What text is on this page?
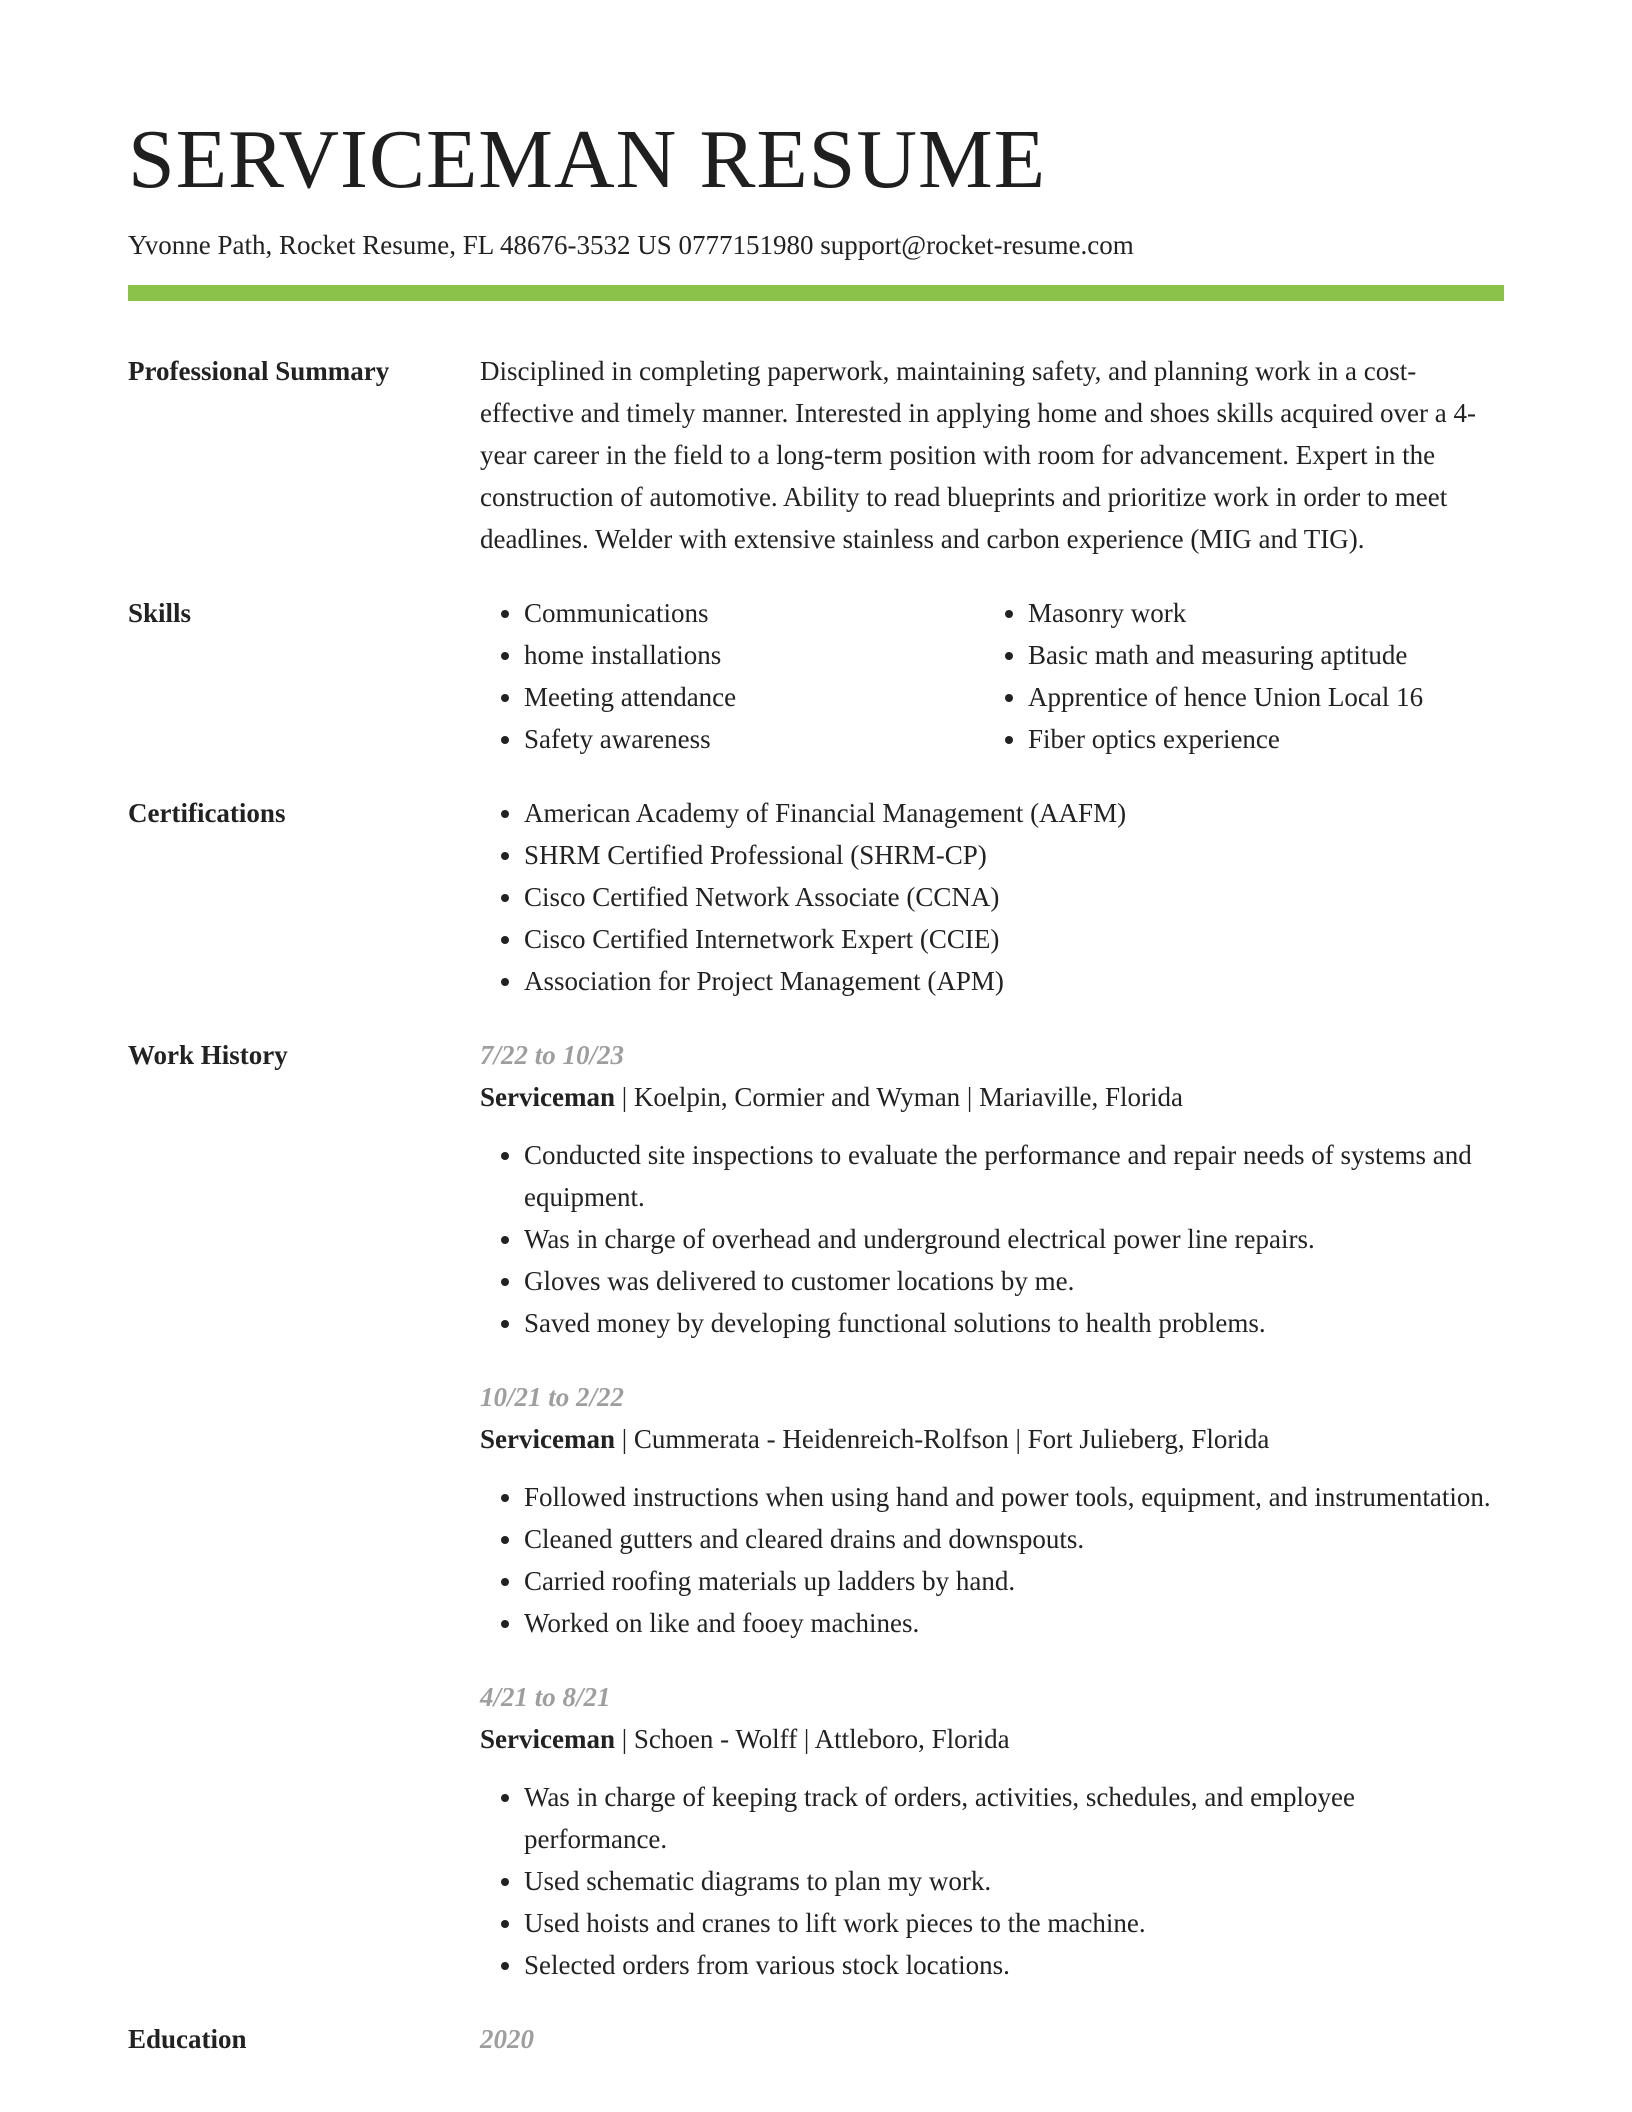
SERVICEMAN RESUME
Yvonne Path, Rocket Resume, FL 48676-3532 US 0777151980 support@rocket-resume.com
Professional Summary	Disciplined in completing paperwork, maintaining safety, and planning work in a cost-effective and timely manner. Interested in applying home and shoes skills acquired over a 4-year career in the field to a long-term position with room for advancement. Expert in the construction of automotive. Ability to read blueprints and prioritize work in order to meet deadlines. Welder with extensive stainless and carbon experience (MIG and TIG).

Skills	• Communications
• home installations
• Meeting attendance
• Safety awareness
• Masonry work
• Basic math and measuring aptitude
• Apprentice of hence Union Local 16
• Fiber optics experience
Certifications	• American Academy of Financial Management (AAFM)
• SHRM Certified Professional (SHRM-CP)
• Cisco Certified Network Associate (CCNA)
• Cisco Certified Internetwork Expert (CCIE)
• Association for Project Management (APM)
Work History	7/22 to 10/23
Serviceman | Koelpin, Cormier and Wyman | Mariaville, Florida
• Conducted site inspections to evaluate the performance and repair needs of systems and equipment.
• Was in charge of overhead and underground electrical power line repairs.
• Gloves was delivered to customer locations by me.
• Saved money by developing functional solutions to health problems.
10/21 to 2/22
Serviceman | Cummerata - Heidenreich-Rolfson | Fort Julieberg, Florida
• Followed instructions when using hand and power tools, equipment, and instrumentation.
• Cleaned gutters and cleared drains and downspouts.
• Carried roofing materials up ladders by hand.
• Worked on like and fooey machines.
4/21 to 8/21
Serviceman | Schoen - Wolff | Attleboro, Florida
• Was in charge of keeping track of orders, activities, schedules, and employee performance.
• Used schematic diagrams to plan my work.
• Used hoists and cranes to lift work pieces to the machine.
• Selected orders from various stock locations.
Education	2020
